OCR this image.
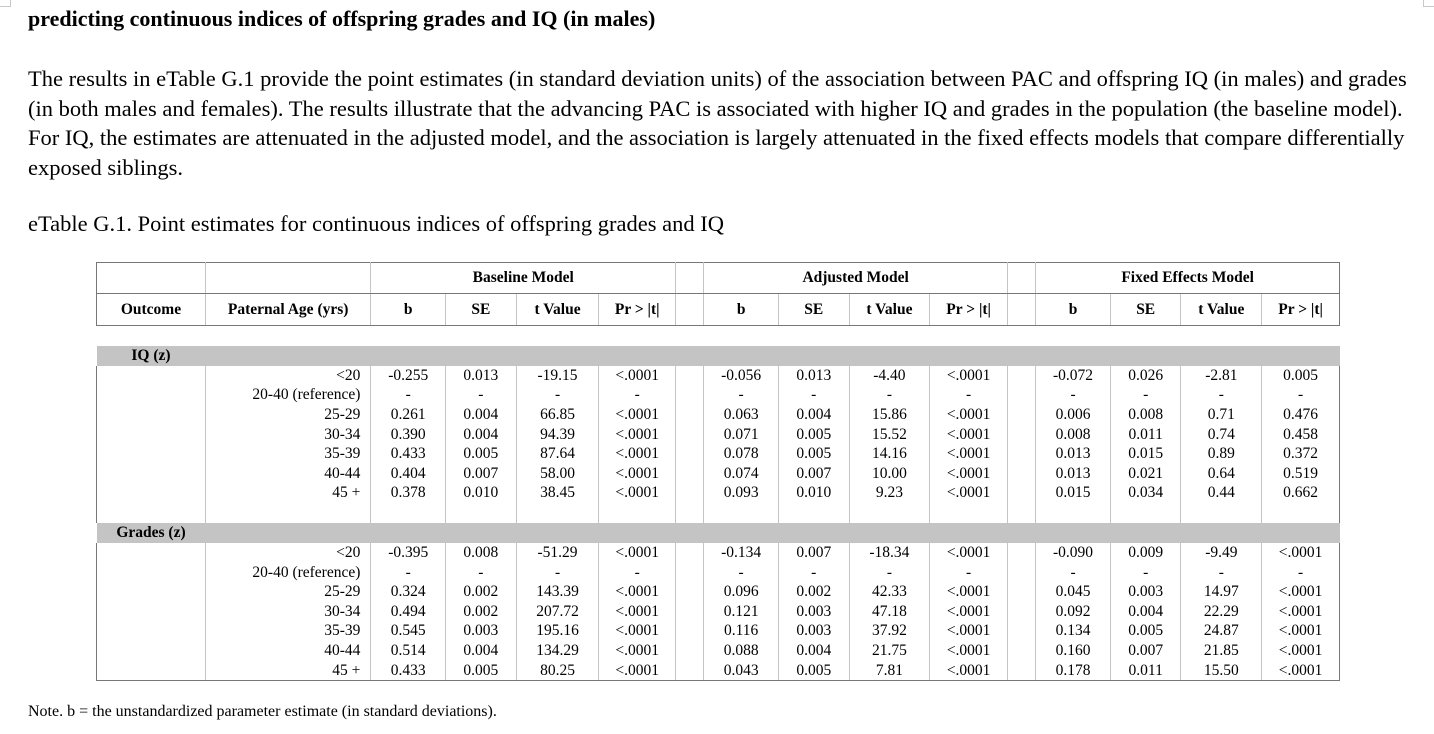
predicting continuous indices of offspring grades and IQ (in males)

The results in eTable G.1 provide the point estimates (in standard deviation units) of the association between PAC and offspring IQ (in males) and grades (in both males and females). The results illustrate that the advancing PAC is associated with higher IQ and grades in the population (the baseline model). For IQ, the estimates are attenuated in the adjusted model, and the association is largely attenuated in the fixed effects models that compare differentially exposed siblings.

eTable G.1. Point estimates for continuous indices of offspring grades and IQ
		Baseline Model					Adjusted Model					Fixed Effects Model			
Outcome	Paternal Age (yrs)	b	SE	t Value	Pr > |t|		b	SE	t Value	Pr > |t|		b	SE	t Value	Pr > |t|

IQ (z)															
	<20	-0.255	0.013	-19.15	<.0001		-0.056	0.013	-4.40	<.0001		-0.072	0.026	-2.81	0.005
	20-40 (reference)	-	-	-	-		-	-	-	-		-	-	-	-
	25-29	0.261	0.004	66.85	<.0001		0.063	0.004	15.86	<.0001		0.006	0.008	0.71	0.476
	30-34	0.390	0.004	94.39	<.0001		0.071	0.005	15.52	<.0001		0.008	0.011	0.74	0.458
	35-39	0.433	0.005	87.64	<.0001		0.078	0.005	14.16	<.0001		0.013	0.015	0.89	0.372
	40-44	0.404	0.007	58.00	<.0001		0.074	0.007	10.00	<.0001		0.013	0.021	0.64	0.519
	45 +	0.378	0.010	38.45	<.0001		0.093	0.010	9.23	<.0001		0.015	0.034	0.44	0.662

Grades (z)															
	<20	-0.395	0.008	-51.29	<.0001		-0.134	0.007	-18.34	<.0001		-0.090	0.009	-9.49	<.0001
	20-40 (reference)	-	-	-	-		-	-	-	-		-	-	-	-
	25-29	0.324	0.002	143.39	<.0001		0.096	0.002	42.33	<.0001		0.045	0.003	14.97	<.0001
	30-34	0.494	0.002	207.72	<.0001		0.121	0.003	47.18	<.0001		0.092	0.004	22.29	<.0001
	35-39	0.545	0.003	195.16	<.0001		0.116	0.003	37.92	<.0001		0.134	0.005	24.87	<.0001
	40-44	0.514	0.004	134.29	<.0001		0.088	0.004	21.75	<.0001		0.160	0.007	21.85	<.0001
	45 +	0.433	0.005	80.25	<.0001		0.043	0.005	7.81	<.0001		0.178	0.011	15.50	<.0001
Note. b = the unstandardized parameter estimate (in standard deviations).
